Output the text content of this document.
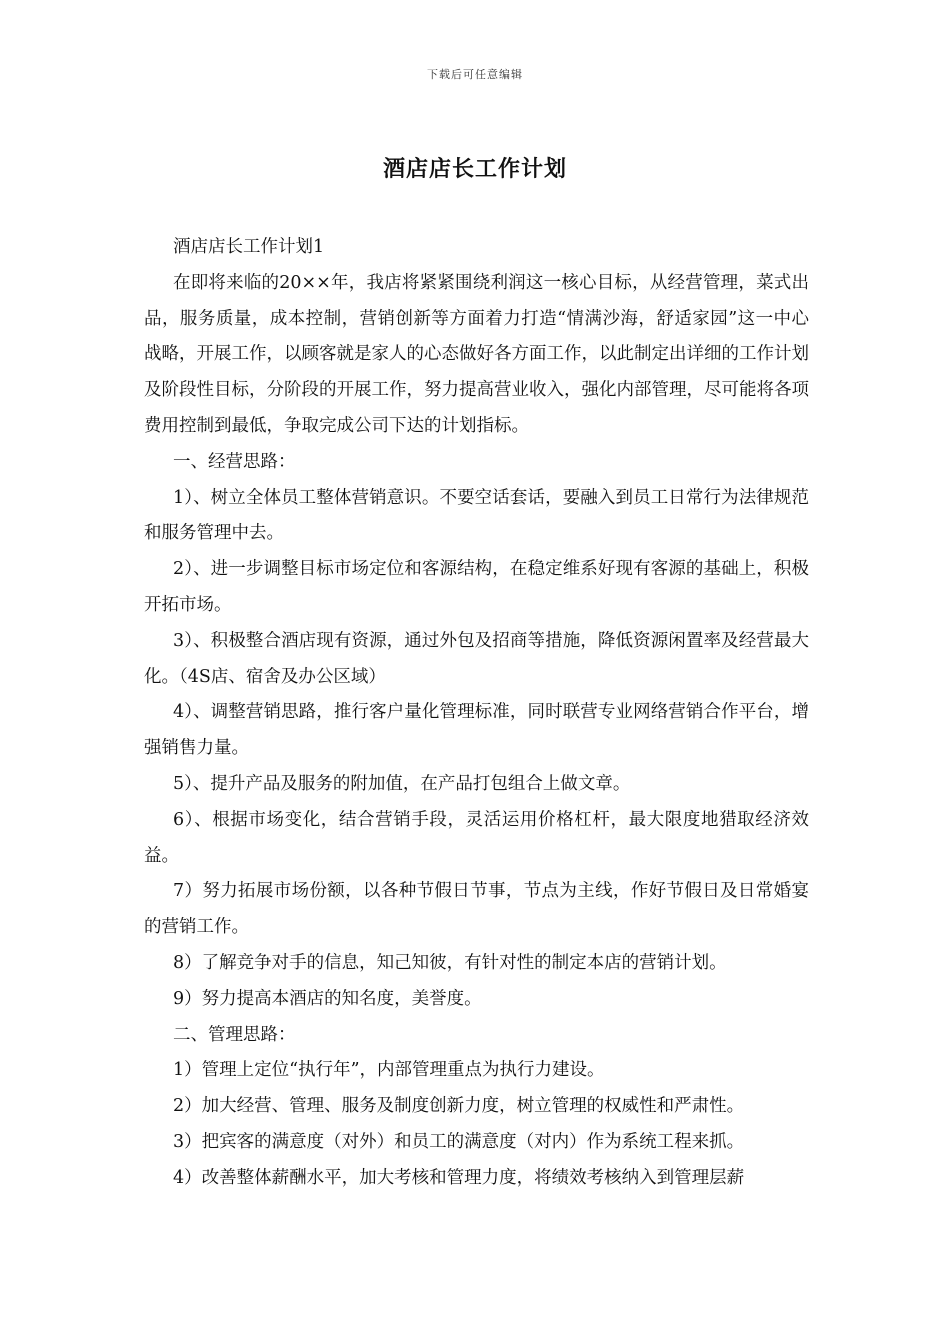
下载后可任意编辑
酒店店长工作计划

酒店店长工作计划1

在即将来临的20××年，我店将紧紧围绕利润这一核心目标，从经营管理，菜式出品，服务质量，成本控制，营销创新等方面着力打造“情满沙海，舒适家园”这一中心战略，开展工作，以顾客就是家人的心态做好各方面工作，以此制定出详细的工作计划及阶段性目标，分阶段的开展工作，努力提高营业收入，强化内部管理，尽可能将各项费用控制到最低，争取完成公司下达的计划指标。

一、经营思路：

1）、树立全体员工整体营销意识。不要空话套话，要融入到员工日常行为法律规范和服务管理中去。

2）、进一步调整目标市场定位和客源结构，在稳定维系好现有客源的基础上，积极开拓市场。

3）、积极整合酒店现有资源，通过外包及招商等措施，降低资源闲置率及经营最大化。（4S店、宿舍及办公区域）

4）、调整营销思路，推行客户量化管理标准，同时联营专业网络营销合作平台，增强销售力量。

5）、提升产品及服务的附加值，在产品打包组合上做文章。

6）、根据市场变化，结合营销手段，灵活运用价格杠杆，最大限度地猎取经济效益。

7）努力拓展市场份额，以各种节假日节事，节点为主线，作好节假日及日常婚宴的营销工作。

8）了解竞争对手的信息，知己知彼，有针对性的制定本店的营销计划。

9）努力提高本酒店的知名度，美誉度。

二、管理思路：

1）管理上定位“执行年”，内部管理重点为执行力建设。

2）加大经营、管理、服务及制度创新力度，树立管理的权威性和严肃性。

3）把宾客的满意度（对外）和员工的满意度（对内）作为系统工程来抓。

4）改善整体薪酬水平，加大考核和管理力度，将绩效考核纳入到管理层薪
